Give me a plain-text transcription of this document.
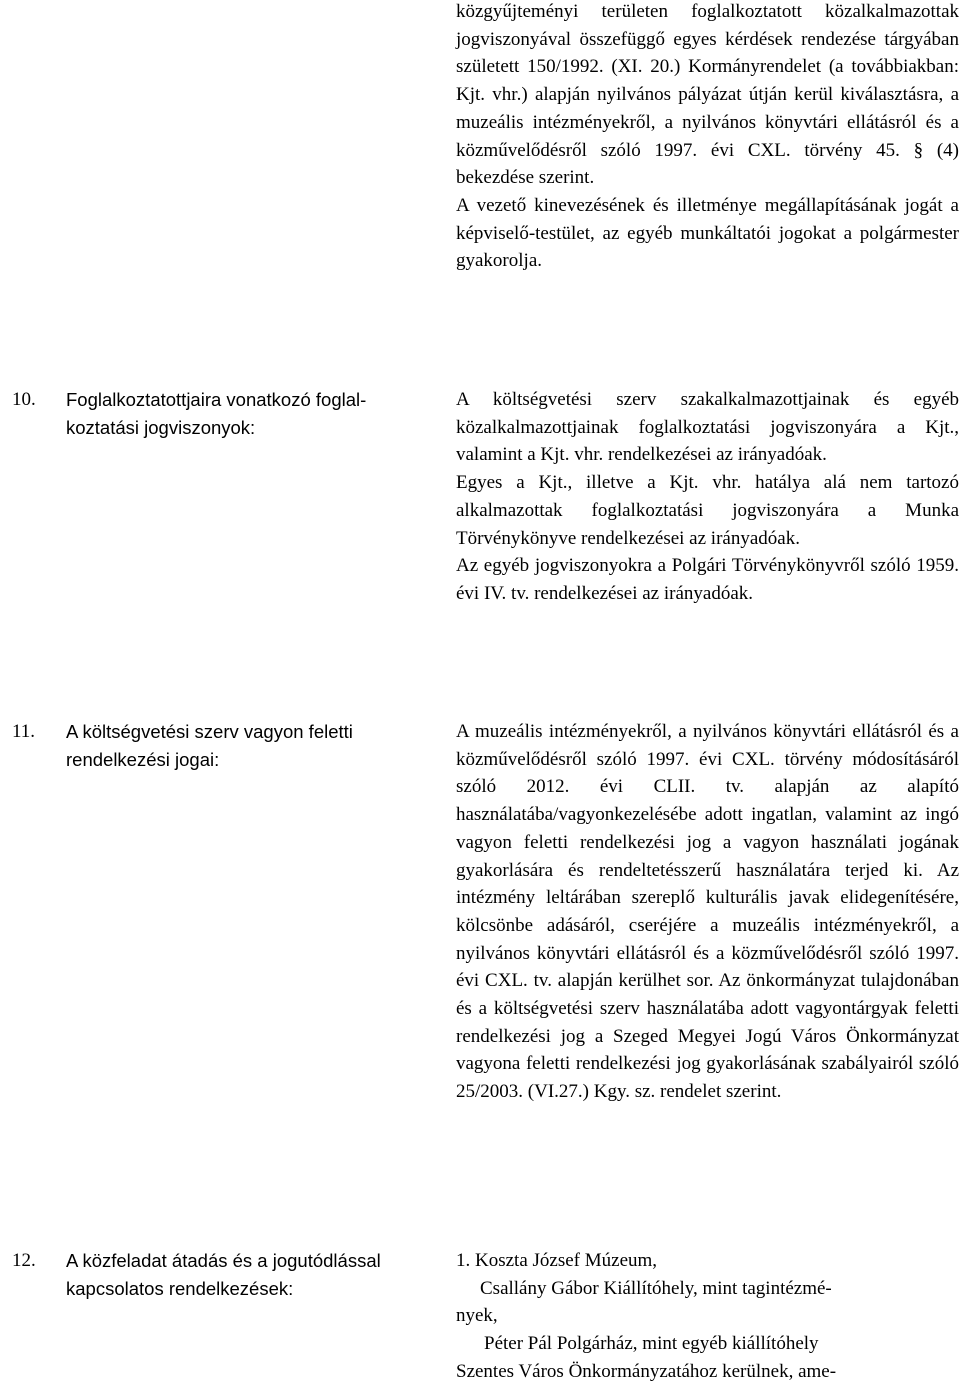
közgyűjteményi területen foglalkoztatott közalkalmazottak jogviszonyával összefüggő egyes kérdések rendezése tárgyában született 150/1992. (XI. 20.) Kormányrendelet (a továbbiakban: Kjt. vhr.) alapján nyilvános pályázat útján kerül kiválasztásra, a muzeális intézményekről, a nyilvános könyvtári ellátásról és a közművelődésről szóló 1997. évi CXL. törvény 45. § (4) bekezdése szerint.

A vezető kinevezésének és illetménye megállapításának jogát a képviselő-testület, az egyéb munkáltatói jogokat a polgármester gyakorolja.

10. Foglalkoztatottjaira vonatkozó foglal-koztatási jogviszonyok:

A költségvetési szerv szakalkalmazottjainak és egyéb közalkalmazottjainak foglalkoztatási jogviszonyára a Kjt., valamint a Kjt. vhr. rendelkezései az irányadóak.

Egyes a Kjt., illetve a Kjt. vhr. hatálya alá nem tartozó alkalmazottak foglalkoztatási jogviszonyára a Munka Törvénykönyve rendelkezései az irányadóak.

Az egyéb jogviszonyokra a Polgári Törvénykönyvről szóló 1959. évi IV. tv. rendelkezései az irányadóak.

11. A költségvetési szerv vagyon feletti rendelkezési jogai:

A muzeális intézményekről, a nyilvános könyvtári ellátásról és a közművelődésről szóló 1997. évi CXL. törvény módosításáról szóló 2012. évi CLII. tv. alapján az alapító használatába/vagyonkezelésébe adott ingatlan, valamint az ingó vagyon feletti rendelkezési jog a vagyon használati jogának gyakorlására és rendeltetésszerű használatára terjed ki. Az intézmény leltárában szereplő kulturális javak elidegenítésére, kölcsönbe adásáról, cseréjére a muzeális intézményekről, a nyilvános könyvtári ellátásról és a közművelődésről szóló 1997. évi CXL. tv. alapján kerülhet sor. Az önkormányzat tulajdonában és a költségvetési szerv használatába adott vagyontárgyak feletti rendelkezési jog a Szeged Megyei Jogú Város Önkormányzat vagyona feletti rendelkezési jog gyakorlásának szabályairól szóló 25/2003. (VI.27.) Kgy. sz. rendelet szerint.

12. A közfeladat átadás és a jogutódlással kapcsolatos rendelkezések:

1. Koszta József Múzeum,

Csallány Gábor Kiállítóhely, mint tagintézmé-

nyek,

Péter Pál Polgárház, mint egyéb kiállítóhely

Szentes Város Önkormányzatához kerülnek, ame-
